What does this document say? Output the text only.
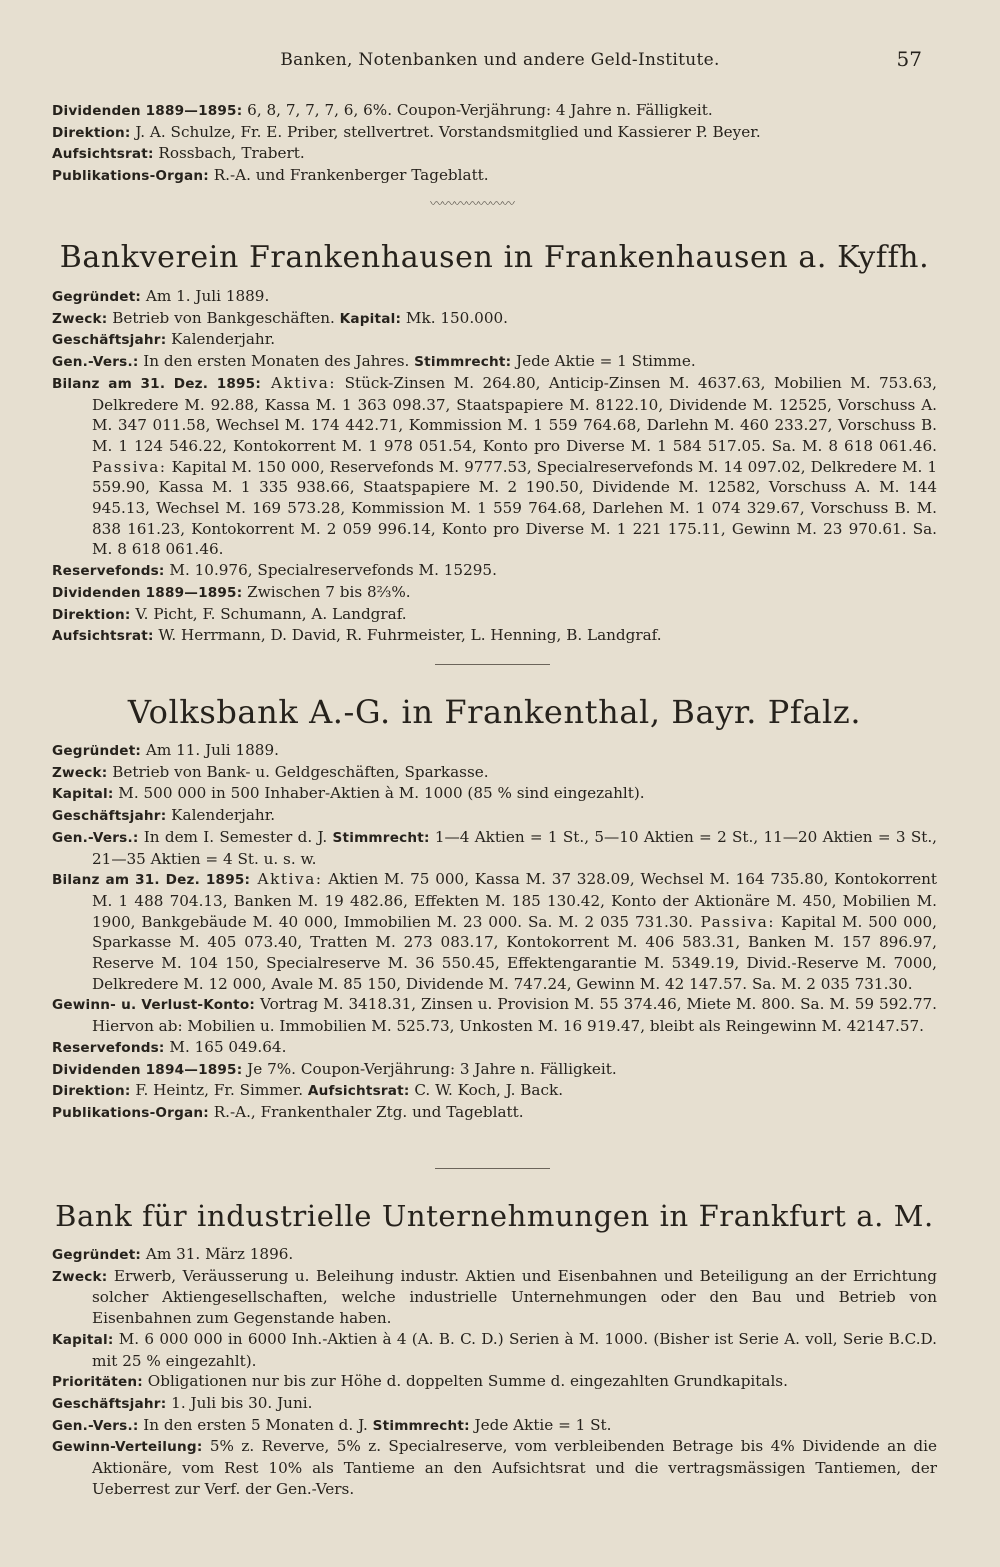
Banken, Notenbanken und andere Geld-Institute.	57

Dividenden 1889—1895: 6, 8, 7, 7, 7, 6, 6%. Coupon-Verjährung: 4 Jahre n. Fälligkeit.

Direktion: J. A. Schulze, Fr. E. Priber, stellvertret. Vorstandsmitglied und Kassierer P. Beyer.

Aufsichtsrat: Rossbach, Trabert.

Publikations-Organ: R.-A. und Frankenberger Tageblatt.

〰〰〰〰〰〰〰
Bankverein Frankenhausen in Frankenhausen a. Kyffh.

Gegründet: Am 1. Juli 1889.

Zweck: Betrieb von Bankgeschäften. Kapital: Mk. 150.000.

Geschäftsjahr: Kalenderjahr.

Gen.-Vers.: In den ersten Monaten des Jahres. Stimmrecht: Jede Aktie = 1 Stimme.

Bilanz am 31. Dez. 1895: Aktiva: Stück-Zinsen M. 264.80, Anticip-Zinsen M. 4637.63, Mobilien M. 753.63, Delkredere M. 92.88, Kassa M. 1 363 098.37, Staatspapiere M. 8122.10, Dividende M. 12525, Vorschuss A. M. 347 011.58, Wechsel M. 174 442.71, Kommission M. 1 559 764.68, Darlehn M. 460 233.27, Vorschuss B. M. 1 124 546.22, Kontokorrent M. 1 978 051.54, Konto pro Diverse M. 1 584 517.05. Sa. M. 8 618 061.46. Passiva: Kapital M. 150 000, Reservefonds M. 9777.53, Specialreservefonds M. 14 097.02, Delkredere M. 1 559.90, Kassa M. 1 335 938.66, Staatspapiere M. 2 190.50, Dividende M. 12582, Vorschuss A. M. 144 945.13, Wechsel M. 169 573.28, Kommission M. 1 559 764.68, Darlehen M. 1 074 329.67, Vorschuss B. M. 838 161.23, Kontokorrent M. 2 059 996.14, Konto pro Diverse M. 1 221 175.11, Gewinn M. 23 970.61. Sa. M. 8 618 061.46.

Reservefonds: M. 10.976, Specialreservefonds M. 15295.

Dividenden 1889—1895: Zwischen 7 bis 8⅔%.

Direktion: V. Picht, F. Schumann, A. Landgraf.

Aufsichtsrat: W. Herrmann, D. David, R. Fuhrmeister, L. Henning, B. Landgraf.

Volksbank A.-G. in Frankenthal, Bayr. Pfalz.

Gegründet: Am 11. Juli 1889.

Zweck: Betrieb von Bank- u. Geldgeschäften, Sparkasse.

Kapital: M. 500 000 in 500 Inhaber-Aktien à M. 1000 (85 % sind eingezahlt).

Geschäftsjahr: Kalenderjahr.

Gen.-Vers.: In dem I. Semester d. J. Stimmrecht: 1—4 Aktien = 1 St., 5—10 Aktien = 2 St., 11—20 Aktien = 3 St., 21—35 Aktien = 4 St. u. s. w.

Bilanz am 31. Dez. 1895: Aktiva: Aktien M. 75 000, Kassa M. 37 328.09, Wechsel M. 164 735.80, Kontokorrent M. 1 488 704.13, Banken M. 19 482.86, Effekten M. 185 130.42, Konto der Aktionäre M. 450, Mobilien M. 1900, Bankgebäude M. 40 000, Immobilien M. 23 000. Sa. M. 2 035 731.30. Passiva: Kapital M. 500 000, Sparkasse M. 405 073.40, Tratten M. 273 083.17, Kontokorrent M. 406 583.31, Banken M. 157 896.97, Reserve M. 104 150, Specialreserve M. 36 550.45, Effektengarantie M. 5349.19, Divid.-Reserve M. 7000, Delkredere M. 12 000, Avale M. 85 150, Dividende M. 747.24, Gewinn M. 42 147.57. Sa. M. 2 035 731.30.

Gewinn- u. Verlust-Konto: Vortrag M. 3418.31, Zinsen u. Provision M. 55 374.46, Miete M. 800. Sa. M. 59 592.77. Hiervon ab: Mobilien u. Immobilien M. 525.73, Unkosten M. 16 919.47, bleibt als Reingewinn M. 42147.57.

Reservefonds: M. 165 049.64.

Dividenden 1894—1895: Je 7%. Coupon-Verjährung: 3 Jahre n. Fälligkeit.

Direktion: F. Heintz, Fr. Simmer. Aufsichtsrat: C. W. Koch, J. Back.

Publikations-Organ: R.-A., Frankenthaler Ztg. und Tageblatt.

Bank für industrielle Unternehmungen in Frankfurt a. M.

Gegründet: Am 31. März 1896.

Zweck: Erwerb, Veräusserung u. Beleihung industr. Aktien und Eisenbahnen und Beteiligung an der Errichtung solcher Aktiengesellschaften, welche industrielle Unternehmungen oder den Bau und Betrieb von Eisenbahnen zum Gegenstande haben.

Kapital: M. 6 000 000 in 6000 Inh.-Aktien à 4 (A. B. C. D.) Serien à M. 1000. (Bisher ist Serie A. voll, Serie B.C.D. mit 25 % eingezahlt).

Prioritäten: Obligationen nur bis zur Höhe d. doppelten Summe d. eingezahlten Grundkapitals.

Geschäftsjahr: 1. Juli bis 30. Juni.

Gen.-Vers.: In den ersten 5 Monaten d. J. Stimmrecht: Jede Aktie = 1 St.

Gewinn-Verteilung: 5% z. Reverve, 5% z. Specialreserve, vom verbleibenden Betrage bis 4% Dividende an die Aktionäre, vom Rest 10% als Tantieme an den Aufsichtsrat und die vertragsmässigen Tantiemen, der Ueberrest zur Verf. der Gen.-Vers.
